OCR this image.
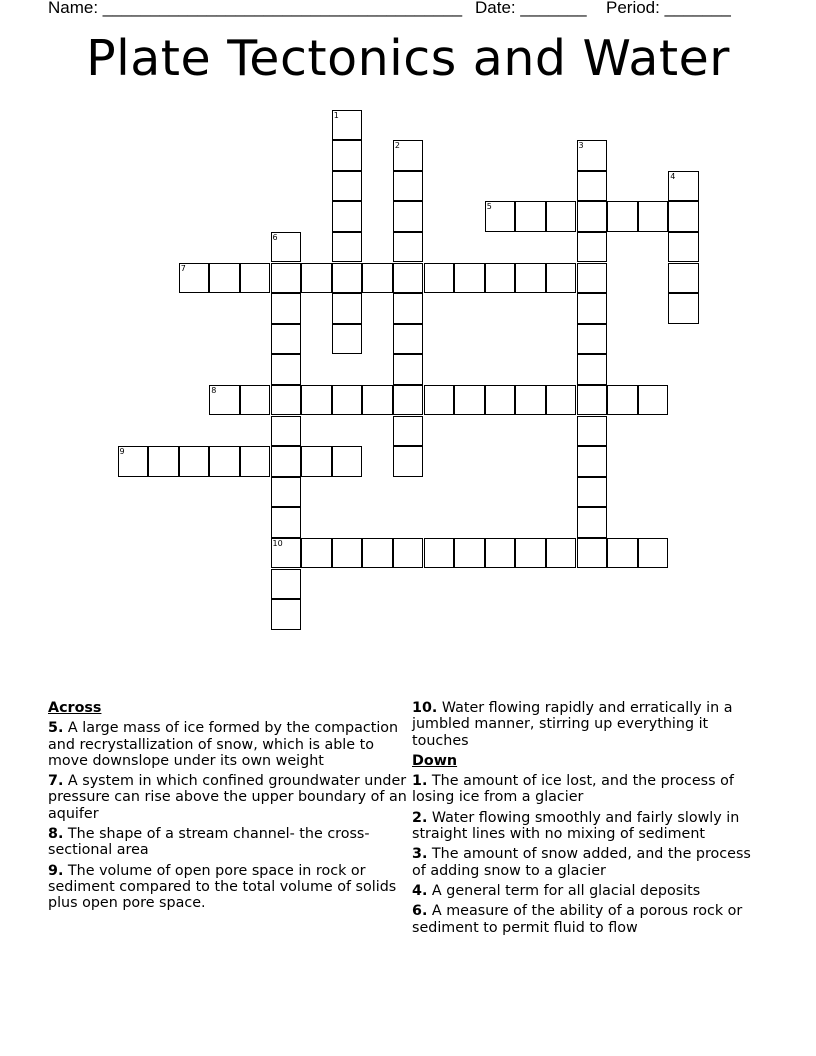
Name: ______________________________________ Date: _______ Period: _______
Plate Tectonics and Water
1
2	3
4
5
6
10
7
8
9
Across
5. A large mass of ice formed by the compaction and recrystallization of snow, which is able to move downslope under its own weight
7. A system in which confined groundwater under pressure can rise above the upper boundary of an aquifer
8. The shape of a stream channel- the cross-sectional area
9. The volume of open pore space in rock or sediment compared to the total volume of solids plus open pore space.
10. Water flowing rapidly and erratically in a jumbled manner, stirring up everything it touches
Down
1. The amount of ice lost, and the process of losing ice from a glacier
2. Water flowing smoothly and fairly slowly in straight lines with no mixing of sediment
3. The amount of snow added, and the process of adding snow to a glacier
4. A general term for all glacial deposits
6. A measure of the ability of a porous rock or sediment to permit fluid to flow
